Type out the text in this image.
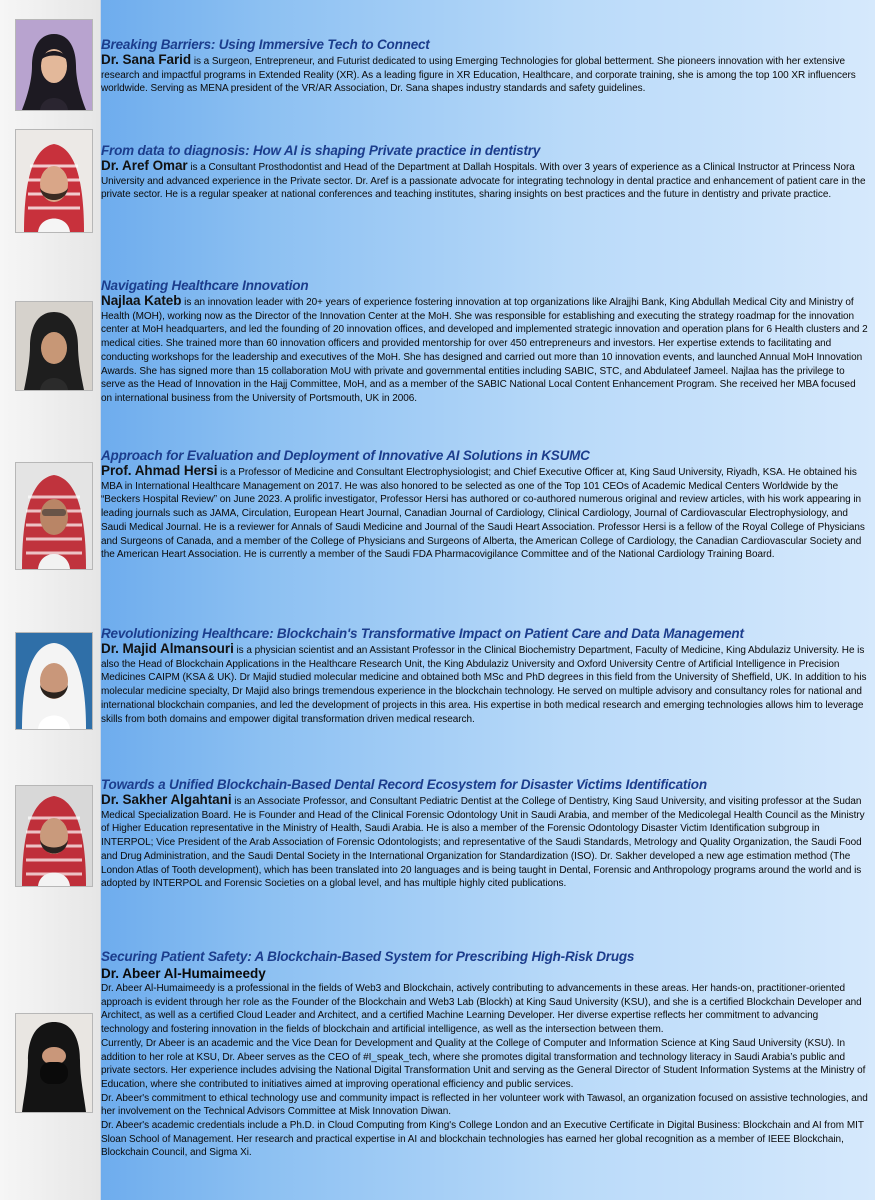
Breaking Barriers: Using Immersive Tech to Connect

Dr. Sana Farid is a Surgeon, Entrepreneur, and Futurist dedicated to using Emerging Technologies for global betterment. She pioneers innovation with her extensive research and impactful programs in Extended Reality (XR). As a leading figure in XR Education, Healthcare, and corporate training, she is among the top 100 XR influencers worldwide. Serving as MENA president of the VR/AR Association, Dr. Sana shapes industry standards and safety guidelines.

From data to diagnosis: How AI is shaping Private practice in dentistry

Dr. Aref Omar is a Consultant Prosthodontist and Head of the Department at Dallah Hospitals. With over 3 years of experience as a Clinical Instructor at Princess Nora University and advanced experience in the Private sector. Dr. Aref is a passionate advocate for integrating technology in dental practice and enhancement of patient care in the private sector. He is a regular speaker at national conferences and teaching institutes, sharing insights on best practices and the future in dentistry and private practice.

Navigating Healthcare Innovation

Najlaa Kateb is an innovation leader with 20+ years of experience fostering innovation at top organizations like Alrajjhi Bank, King Abdullah Medical City and Ministry of Health (MOH), working now as the Director of the Innovation Center at the MoH. She was responsible for establishing and executing the strategy roadmap for the innovation center at MoH headquarters, and led the founding of 20 innovation offices, and developed and implemented strategic innovation and operation plans for 6 Health clusters and 2 medical cities. She trained more than 60 innovation officers and provided mentorship for over 450 entrepreneurs and investors. Her expertise extends to facilitating and conducting workshops for the leadership and executives of the MoH. She has designed and carried out more than 10 innovation events, and launched Annual MoH Innovation Awards. She has signed more than 15 collaboration MoU with private and governmental entities including SABIC, STC, and Abdulateef Jameel. Najlaa has the privilege to serve as the Head of Innovation in the Hajj Committee, MoH, and as a member of the SABIC National Local Content Enhancement Program. She received her MBA focused on international business from the University of Portsmouth, UK in 2006.

Approach for Evaluation and Deployment of Innovative AI Solutions in KSUMC

Prof. Ahmad Hersi is a Professor of Medicine and Consultant Electrophysiologist; and Chief Executive Officer at, King Saud University, Riyadh, KSA. He obtained his MBA in International Healthcare Management on 2017. He was also honored to be selected as one of the Top 101 CEOs of Academic Medical Centers Worldwide by the “Beckers Hospital Review” on June 2023. A prolific investigator, Professor Hersi has authored or co-authored numerous original and review articles, with his work appearing in leading journals such as JAMA, Circulation, European Heart Journal, Canadian Journal of Cardiology, Clinical Cardiology, Journal of Cardiovascular Electrophysiology, and Saudi Medical Journal. He is a reviewer for Annals of Saudi Medicine and Journal of the Saudi Heart Association. Professor Hersi is a fellow of the Royal College of Physicians and Surgeons of Canada, and a member of the College of Physicians and Surgeons of Alberta, the American College of Cardiology, the Canadian Cardiovascular Society and the American Heart Association. He is currently a member of the Saudi FDA Pharmacovigilance Committee and of the National Cardiology Training Board.

Revolutionizing Healthcare: Blockchain's Transformative Impact on Patient Care and Data Management

Dr. Majid Almansouri is a physician scientist and an Assistant Professor in the Clinical Biochemistry Department, Faculty of Medicine, King Abdulaziz University. He is also the Head of Blockchain Applications in the Healthcare Research Unit, the King Abdulaziz University and Oxford University Centre of Artificial Intelligence in Precision Medicines CAIPM (KSA & UK). Dr Majid studied molecular medicine and obtained both MSc and PhD degrees in this field from the University of Sheffield, UK. In addition to his molecular medicine specialty, Dr Majid also brings tremendous experience in the blockchain technology. He served on multiple advisory and consultancy roles for national and international blockchain companies, and led the development of projects in this area. His expertise in both medical research and emerging technologies allows him to leverage skills from both domains and empower digital transformation driven medical research.

Towards a Unified Blockchain-Based Dental Record Ecosystem for Disaster Victims Identification

Dr. Sakher Algahtani is an Associate Professor, and Consultant Pediatric Dentist at the College of Dentistry, King Saud University, and visiting professor at the Sudan Medical Specialization Board. He is Founder and Head of the Clinical Forensic Odontology Unit in Saudi Arabia, and member of the Medicolegal Health Council as the Ministry of Higher Education representative in the Ministry of Health, Saudi Arabia. He is also a member of the Forensic Odontology Disaster Victim Identification subgroup in INTERPOL; Vice President of the Arab Association of Forensic Odontologists; and representative of the Saudi Standards, Metrology and Quality Organization, the Saudi Food and Drug Administration, and the Saudi Dental Society in the International Organization for Standardization (ISO). Dr. Sakher developed a new age estimation method (The London Atlas of Tooth development), which has been translated into 20 languages and is being taught in Dental, Forensic and Anthropology programs around the world and is adopted by INTERPOL and Forensic Societies on a global level, and has multiple highly cited publications.

Securing Patient Safety: A Blockchain-Based System for Prescribing High-Risk Drugs

Dr. Abeer Al-Humaimeedy

Dr. Abeer Al-Humaimeedy is a professional in the fields of Web3 and Blockchain, actively contributing to advancements in these areas. Her hands-on, practitioner-oriented approach is evident through her role as the Founder of the Blockchain and Web3 Lab (Blockh) at King Saud University (KSU), and she is a certified Blockchain Developer and Architect, as well as a certified Cloud Leader and Architect, and a certified Machine Learning Developer. Her diverse expertise reflects her commitment to advancing technology and fostering innovation in the fields of blockchain and artificial intelligence, as well as the intersection between them.

Currently, Dr Abeer is an academic and the Vice Dean for Development and Quality at the College of Computer and Information Science at King Saud University (KSU). In addition to her role at KSU, Dr. Abeer serves as the CEO of #I_speak_tech, where she promotes digital transformation and technology literacy in Saudi Arabia’s public and private sectors. Her experience includes advising the National Digital Transformation Unit and serving as the General Director of Student Information Systems at the Ministry of Education, where she contributed to initiatives aimed at improving operational efficiency and public services.

Dr. Abeer's commitment to ethical technology use and community impact is reflected in her volunteer work with Tawasol, an organization focused on assistive technologies, and her involvement on the Technical Advisors Committee at Misk Innovation Diwan.

Dr. Abeer's academic credentials include a Ph.D. in Cloud Computing from King's College London and an Executive Certificate in Digital Business: Blockchain and AI from MIT Sloan School of Management. Her research and practical expertise in AI and blockchain technologies has earned her global recognition as a member of IEEE Blockchain, Blockchain Council, and Sigma Xi.
